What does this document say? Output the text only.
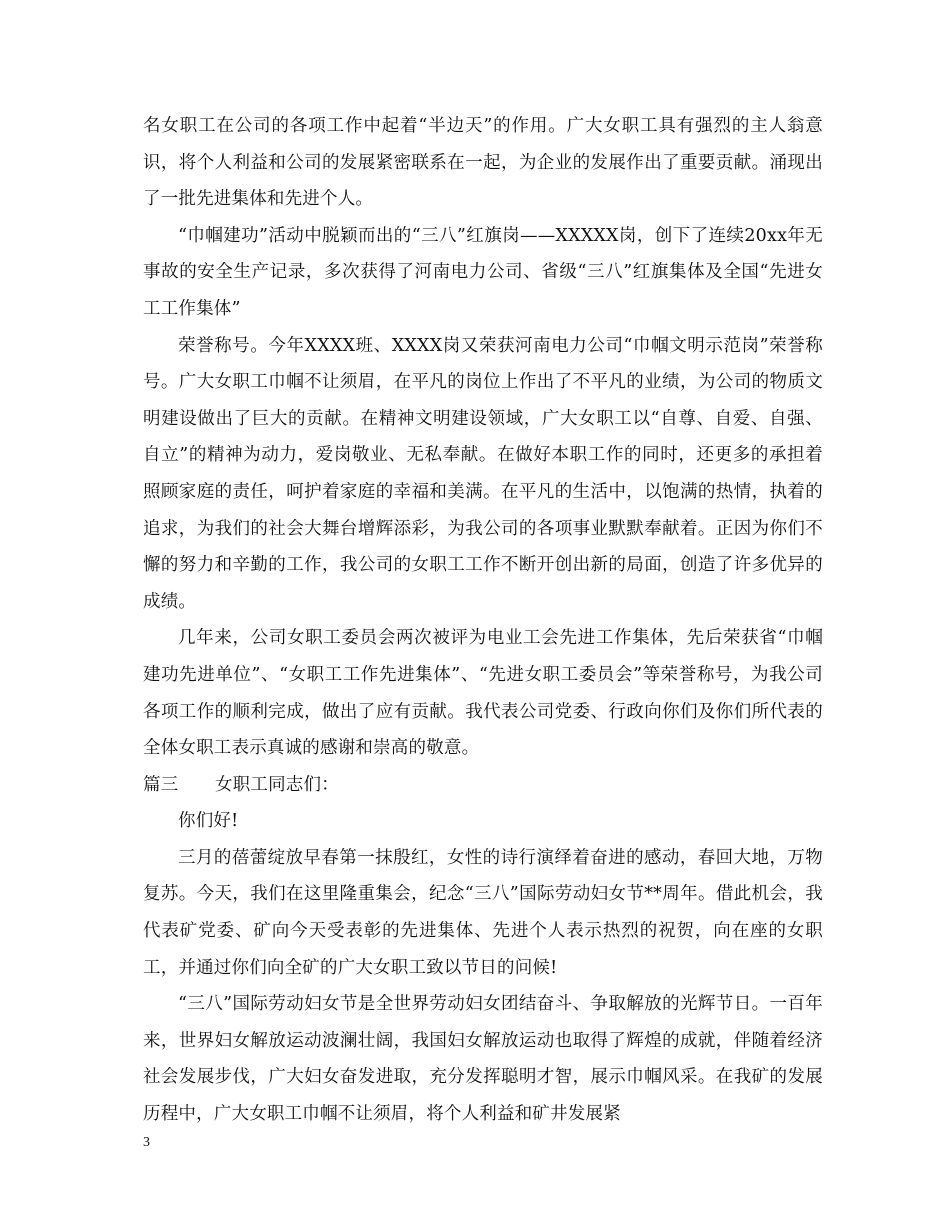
名女职工在公司的各项工作中起着“半边天”的作用。广大女职工具有强烈的主人翁意识，将个人利益和公司的发展紧密联系在一起，为企业的发展作出了重要贡献。涌现出了一批先进集体和先进个人。

“巾帼建功”活动中脱颖而出的“三八”红旗岗——XXXXX岗，创下了连续20xx年无事故的安全生产记录，多次获得了河南电力公司、省级“三八”红旗集体及全国“先进女工工作集体”

荣誉称号。今年XXXX班、XXXX岗又荣获河南电力公司“巾帼文明示范岗”荣誉称号。广大女职工巾帼不让须眉，在平凡的岗位上作出了不平凡的业绩，为公司的物质文明建设做出了巨大的贡献。在精神文明建设领域，广大女职工以“自尊、自爱、自强、自立”的精神为动力，爱岗敬业、无私奉献。在做好本职工作的同时，还更多的承担着照顾家庭的责任，呵护着家庭的幸福和美满。在平凡的生活中，以饱满的热情，执着的追求，为我们的社会大舞台增辉添彩，为我公司的各项事业默默奉献着。正因为你们不懈的努力和辛勤的工作，我公司的女职工工作不断开创出新的局面，创造了许多优异的成绩。

几年来，公司女职工委员会两次被评为电业工会先进工作集体，先后荣获省“巾帼建功先进单位”、“女职工工作先进集体”、“先进女职工委员会”等荣誉称号，为我公司各项工作的顺利完成，做出了应有贡献。我代表公司党委、行政向你们及你们所代表的全体女职工表示真诚的感谢和崇高的敬意。

篇三 女职工同志们：

你们好!

三月的蓓蕾绽放早春第一抹殷红，女性的诗行演绎着奋进的感动，春回大地，万物复苏。今天，我们在这里隆重集会，纪念“三八”国际劳动妇女节**周年。借此机会，我代表矿党委、矿向今天受表彰的先进集体、先进个人表示热烈的祝贺，向在座的女职工，并通过你们向全矿的广大女职工致以节日的问候!

“三八”国际劳动妇女节是全世界劳动妇女团结奋斗、争取解放的光辉节日。一百年来，世界妇女解放运动波澜壮阔，我国妇女解放运动也取得了辉煌的成就，伴随着经济社会发展步伐，广大妇女奋发进取，充分发挥聪明才智，展示巾帼风采。在我矿的发展历程中，广大女职工巾帼不让须眉，将个人利益和矿井发展紧

3
